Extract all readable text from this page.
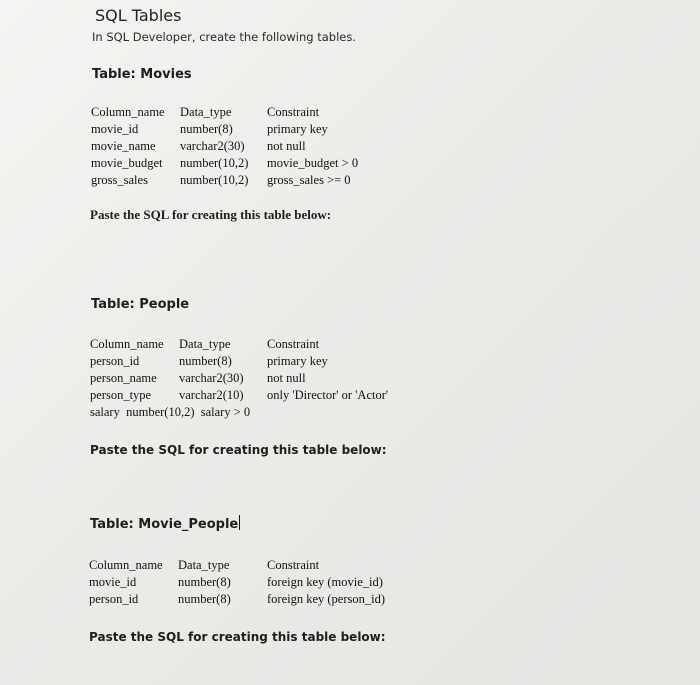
SQL Tables
In SQL Developer, create the following tables.
Table: Movies
Column_name Data_type	Constraint
movie_id	number(8)	primary key
movie_name varchar2(30) not null
movie_budget number(10,2) movie_budget > 0
gross_sales	number(10,2) gross_sales >= 0
Paste the SQL for creating this table below:
Table: People
Column_name Data_type	Constraint
person_id	number(8)	primary key
person_name varchar2(30) not null
person_type varchar2(10) only 'Director' or 'Actor'
salary  number(10,2)  salary > 0
Paste the SQL for creating this table below:
Table: Movie_People
Column_name Data_type	Constraint
movie_id	number(8)	foreign key (movie_id)
person_id	number(8)	foreign key (person_id)
Paste the SQL for creating this table below:
